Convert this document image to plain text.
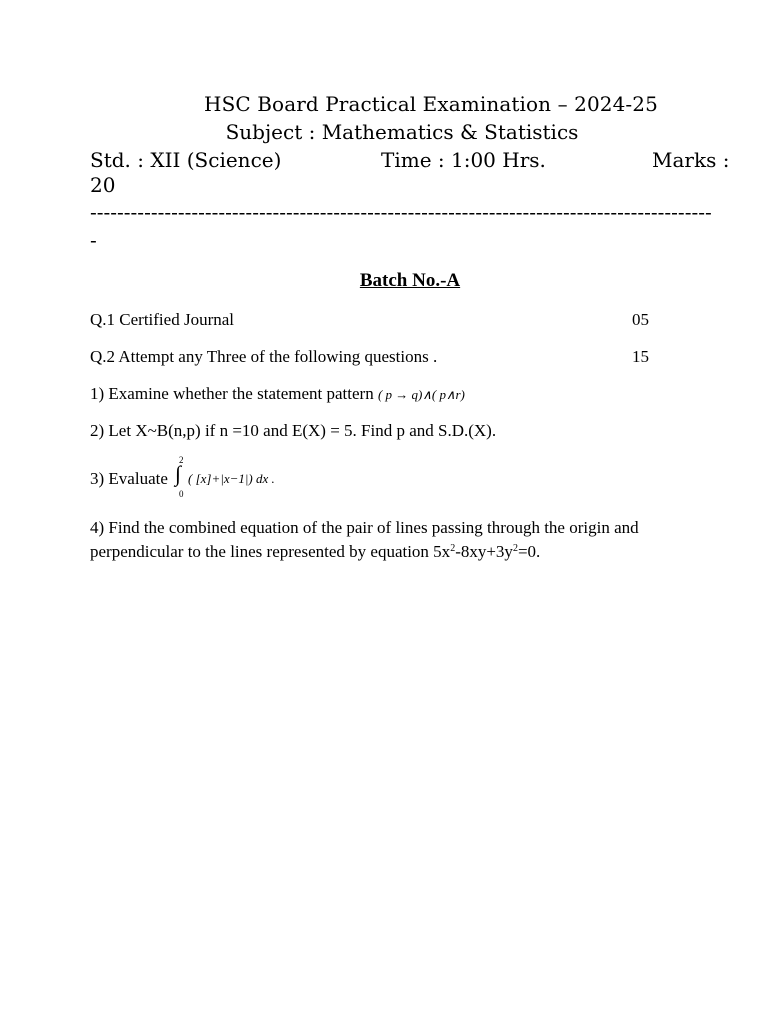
HSC Board Practical Examination – 2024-25
Subject : Mathematics & Statistics
Std. : XII (Science)	Time : 1:00 Hrs.	Marks :
20
--------------------------------------------------------------------------------------------
-
Batch No.-A
Q.1 Certified Journal	05
Q.2 Attempt any Three of the following questions .	15
1) Examine whether the statement pattern ( p → q)∧( p∧r)
2) Let X~B(n,p) if n =10 and E(X) = 5. Find p and S.D.(X).
3) Evaluate
2
∫
0
( [x]+|x−1|) dx .
4) Find the combined equation of the pair of lines passing through the origin and
perpendicular to the lines represented by equation $5x^2-8xy+3y^2=0$.
